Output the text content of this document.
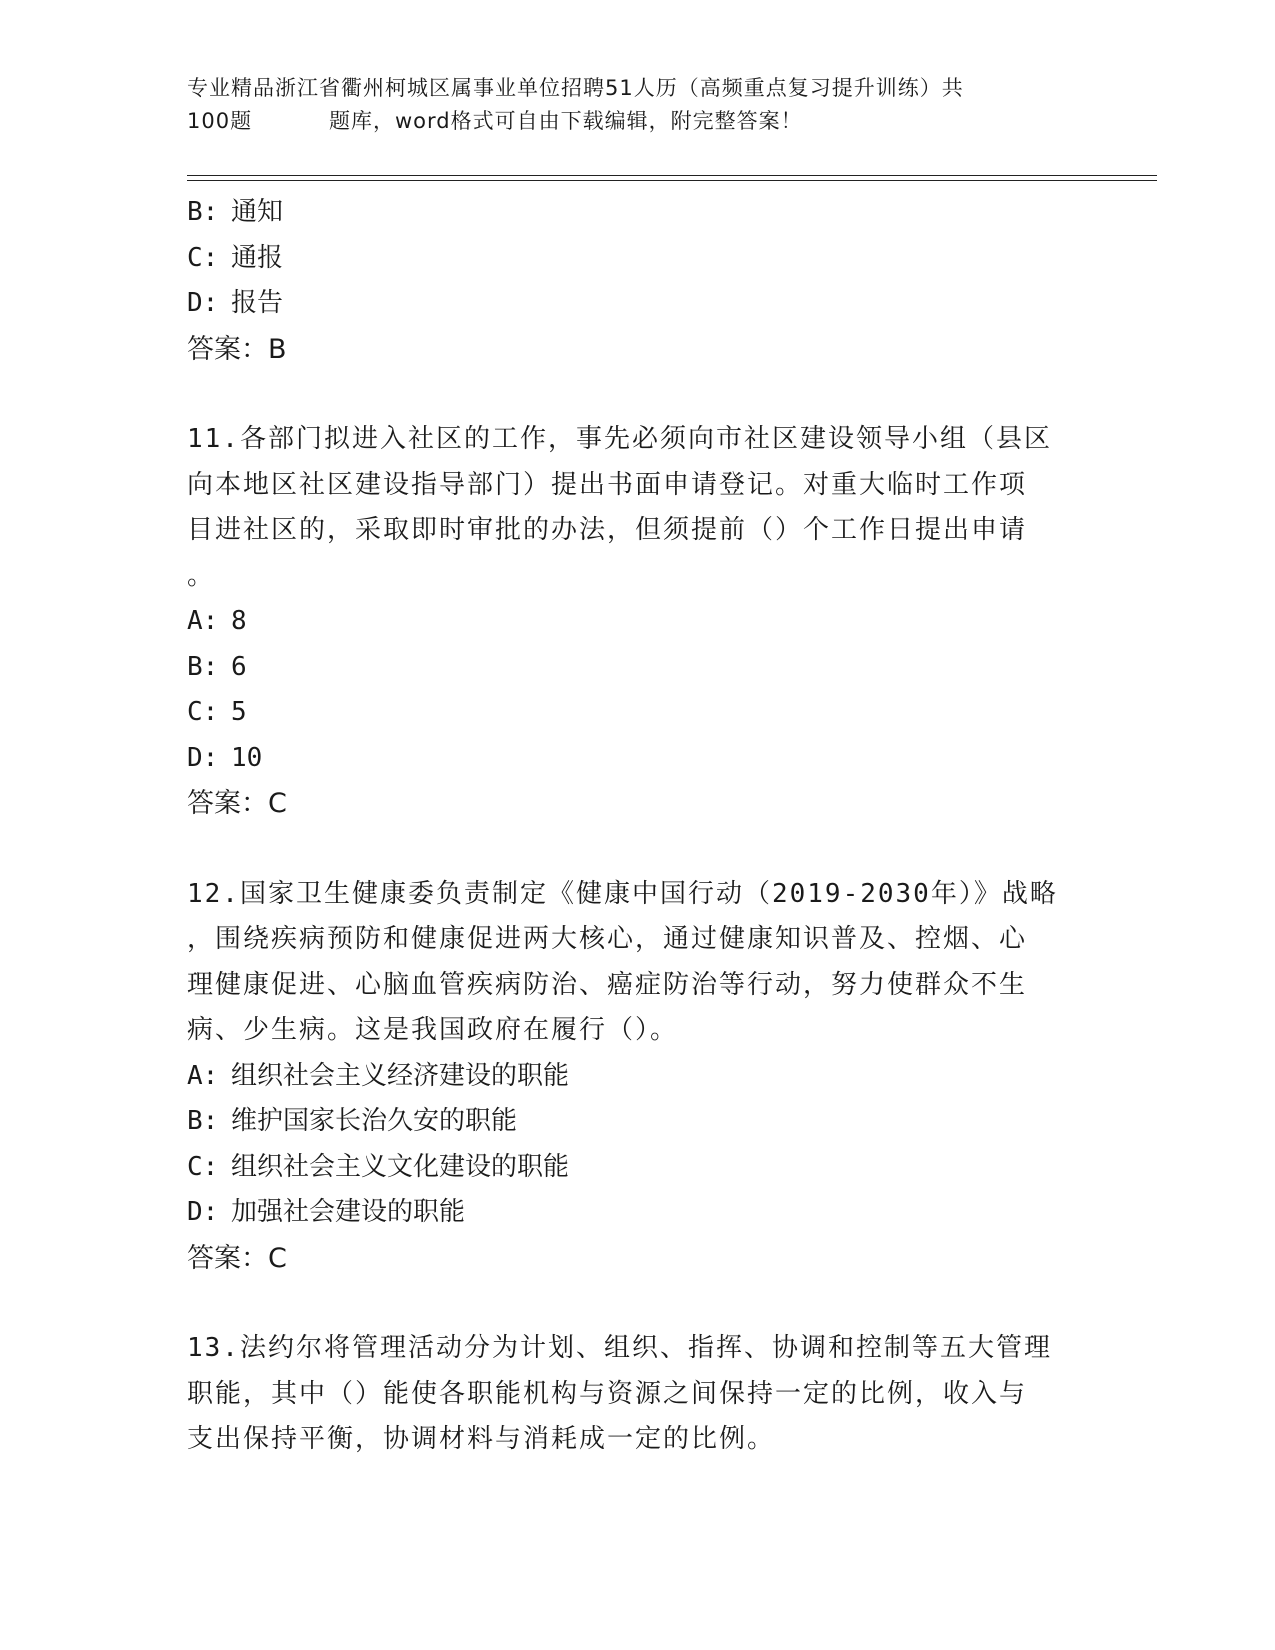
专业精品浙江省衢州柯城区属事业单位招聘51人历（高频重点复习提升训练）共
100题	题库，word格式可自由下载编辑，附完整答案！

B: 通知

C: 通报

D: 报告

答案：B

11.各部门拟进入社区的工作，事先必须向市社区建设领导小组（县区

向本地区社区建设指导部门）提出书面申请登记。对重大临时工作项

目进社区的，采取即时审批的办法，但须提前（）个工作日提出申请

。

A: 8

B: 6

C: 5

D: 10

答案：C

12.国家卫生健康委负责制定《健康中国行动（2019-2030年）》战略

，围绕疾病预防和健康促进两大核心，通过健康知识普及、控烟、心

理健康促进、心脑血管疾病防治、癌症防治等行动，努力使群众不生

病、少生病。这是我国政府在履行（）。

A: 组织社会主义经济建设的职能

B: 维护国家长治久安的职能

C: 组织社会主义文化建设的职能

D: 加强社会建设的职能

答案：C

13.法约尔将管理活动分为计划、组织、指挥、协调和控制等五大管理

职能，其中（）能使各职能机构与资源之间保持一定的比例，收入与

支出保持平衡，协调材料与消耗成一定的比例。
